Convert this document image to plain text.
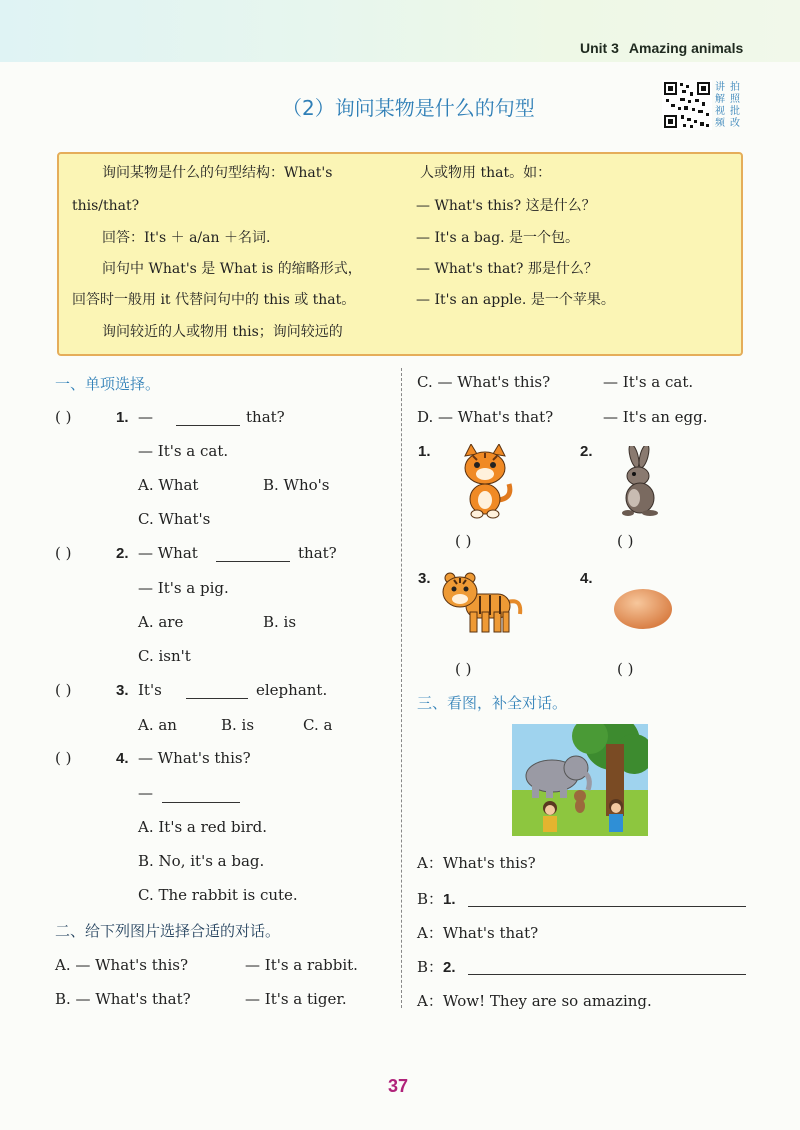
Unit 3 Amazing animals
（2）询问某物是什么的句型
讲 拍
解 照
视 批
频 改
询问某物是什么的句型结构：What's
this/that?
回答：It's ＋ a/an ＋名词.
问句中 What's 是 What is 的缩略形式，
回答时一般用 it 代替问句中的 this 或 that。
询问较近的人或物用 this；询问较远的
人或物用 that。如：
— What's this? 这是什么？
— It's a bag. 是一个包。
— What's that? 那是什么？
— It's an apple. 是一个苹果。
一、单项选择。
( )	1. —	that?
— It's a cat.
A. What	B. Who's
C. What's
( )	2. — What	that?
— It's a pig.
A. are	B. is
C. isn't
( )	3. It's	elephant.
A. an	B. is	C. a
( )	4. — What's this?
—
A. It's a red bird.
B. No, it's a bag.
C. The rabbit is cute.
二、给下列图片选择合适的对话。
A. — What's this?	— It's a rabbit.
B. — What's that?	— It's a tiger.
C. — What's this?	— It's a cat.
D. — What's that?	— It's an egg.
1.
( )
2.
( )
3.
( )
4.
( )
三、看图，补全对话。
A：What's this?
B：1.
A：What's that?
B：2.
A：Wow! They are so amazing.
37
